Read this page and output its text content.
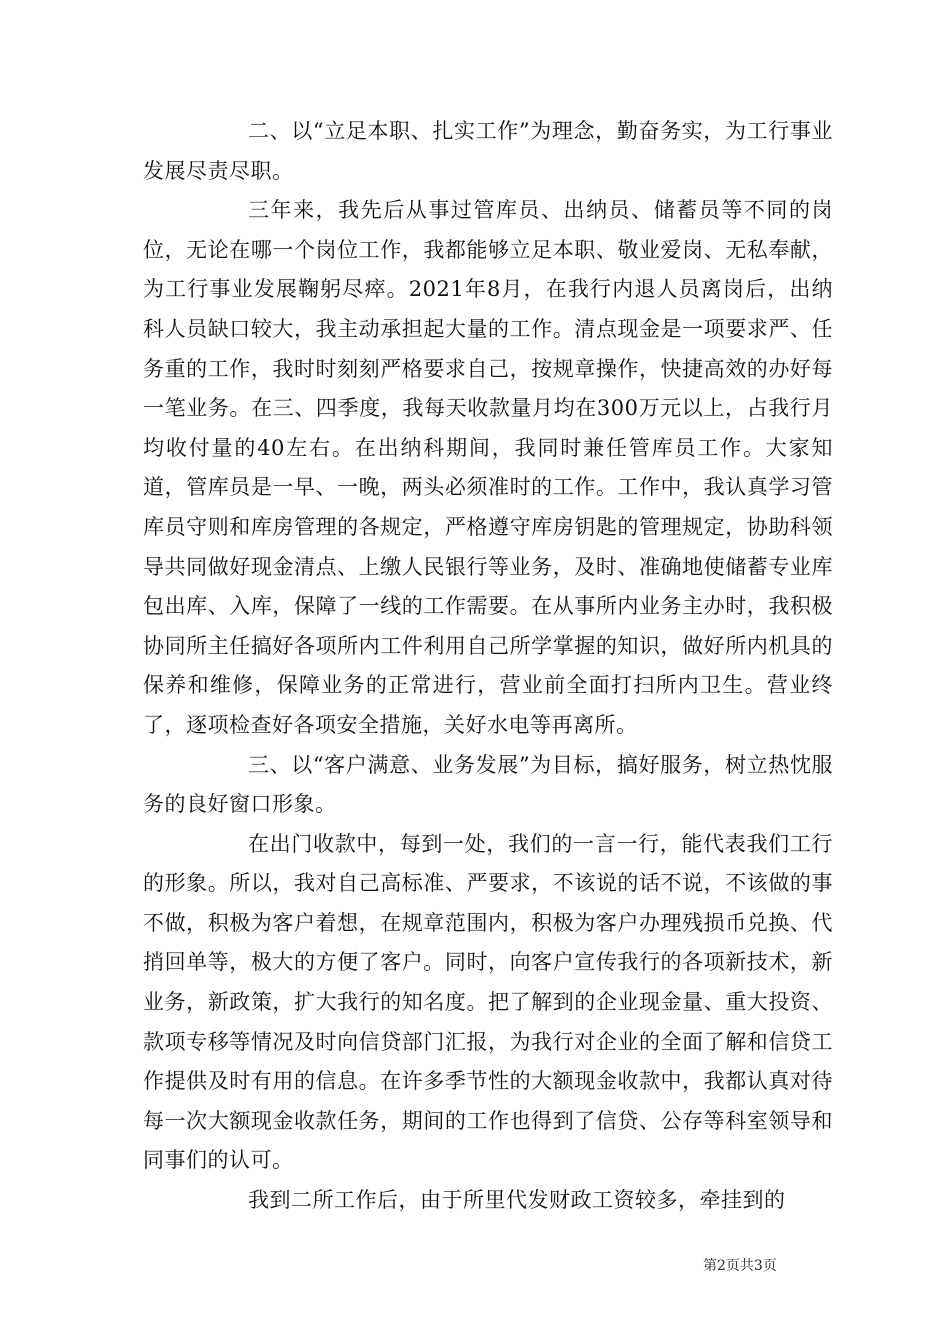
二、以“立足本职、扎实工作”为理念，勤奋务实，为工行事业发展尽责尽职。

三年来，我先后从事过管库员、出纳员、储蓄员等不同的岗位，无论在哪一个岗位工作，我都能够立足本职、敬业爱岗、无私奉献，为工行事业发展鞠躬尽瘁。2021年8月，在我行内退人员离岗后，出纳科人员缺口较大，我主动承担起大量的工作。清点现金是一项要求严、任务重的工作，我时时刻刻严格要求自己，按规章操作，快捷高效的办好每一笔业务。在三、四季度，我每天收款量月均在300万元以上，占我行月均收付量的40左右。在出纳科期间，我同时兼任管库员工作。大家知道，管库员是一早、一晚，两头必须准时的工作。工作中，我认真学习管库员守则和库房管理的各规定，严格遵守库房钥匙的管理规定，协助科领导共同做好现金清点、上缴人民银行等业务，及时、准确地使储蓄专业库包出库、入库，保障了一线的工作需要。在从事所内业务主办时，我积极协同所主任搞好各项所内工件利用自己所学掌握的知识，做好所内机具的保养和维修，保障业务的正常进行，营业前全面打扫所内卫生。营业终了，逐项检查好各项安全措施，关好水电等再离所。

三、以“客户满意、业务发展”为目标，搞好服务，树立热忱服务的良好窗口形象。

在出门收款中，每到一处，我们的一言一行，能代表我们工行的形象。所以，我对自己高标准、严要求，不该说的话不说，不该做的事不做，积极为客户着想，在规章范围内，积极为客户办理残损币兑换、代捎回单等，极大的方便了客户。同时，向客户宣传我行的各项新技术，新业务，新政策，扩大我行的知名度。把了解到的企业现金量、重大投资、款项专移等情况及时向信贷部门汇报，为我行对企业的全面了解和信贷工作提供及时有用的信息。在许多季节性的大额现金收款中，我都认真对待每一次大额现金收款任务，期间的工作也得到了信贷、公存等科室领导和同事们的认可。

我到二所工作后，由于所里代发财政工资较多，牵挂到的

第2页共3页
